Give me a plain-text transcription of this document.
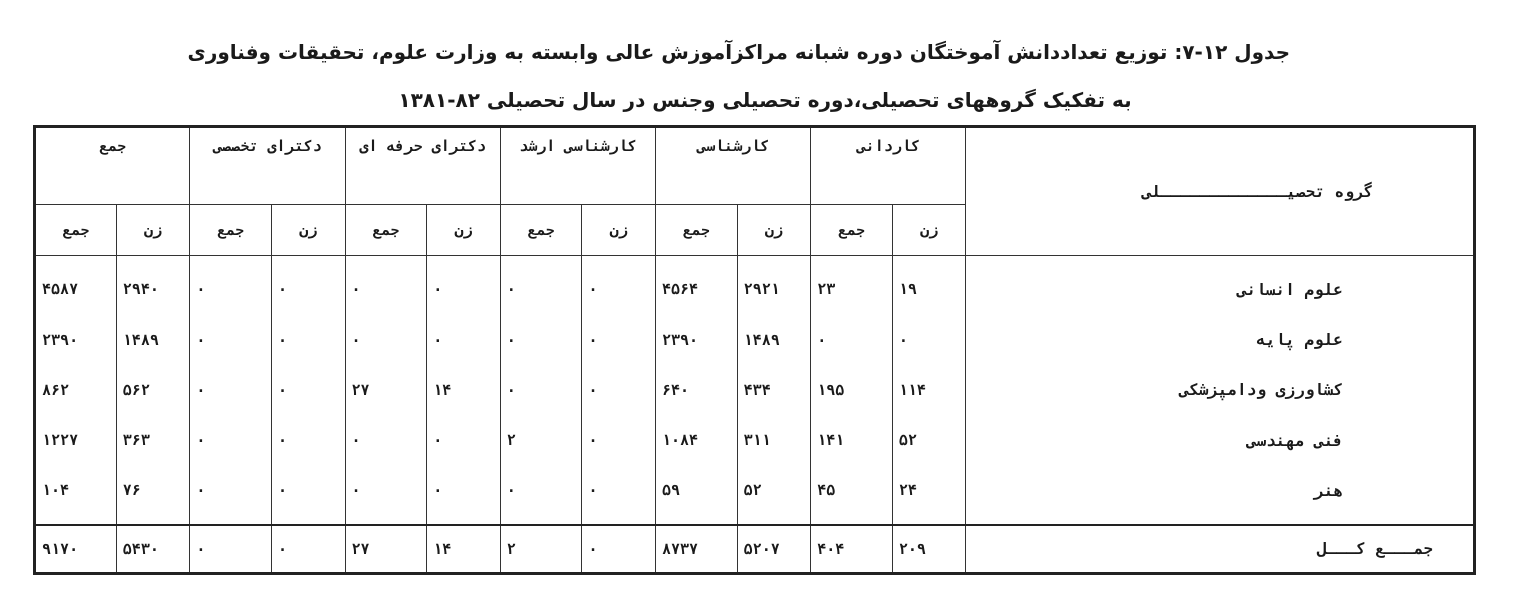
جدول ۱۲-۷: توزیع تعداددانش آموختگان دوره شبانه مراکزآموزش عالی وابسته به وزارت علوم، تحقیقات وفناوری
به تفکیک گروههای تحصیلی،دوره تحصیلی وجنس در سال تحصیلی ۸۲-۱۳۸۱
گروه تحصیـــــــــــــلی	کاردانی		کارشناسی		کارشناسی ارشد		دکترای حرفه ای		دکترای تخصصی		جمع	
	زن	جمع	زن	جمع	زن	جمع	زن	جمع	زن	جمع	زن	جمع
علوم انسانی	۱۹	۲۳	۲۹۲۱	۴۵۶۴	۰	۰	۰	۰	۰	۰	۲۹۴۰	۴۵۸۷
علوم پایه	۰	۰	۱۴۸۹	۲۳۹۰	۰	۰	۰	۰	۰	۰	۱۴۸۹	۲۳۹۰
کشاورزی ودامپزشکی	۱۱۴	۱۹۵	۴۳۴	۶۴۰	۰	۰	۱۴	۲۷	۰	۰	۵۶۲	۸۶۲
فنی مهندسی	۵۲	۱۴۱	۳۱۱	۱۰۸۴	۰	۲	۰	۰	۰	۰	۳۶۳	۱۲۲۷
هنر	۲۴	۴۵	۵۲	۵۹	۰	۰	۰	۰	۰	۰	۷۶	۱۰۴

جمـــع کـــل	۲۰۹	۴۰۴	۵۲۰۷	۸۷۳۷	۰	۲	۱۴	۲۷	۰	۰	۵۴۳۰	۹۱۷۰
